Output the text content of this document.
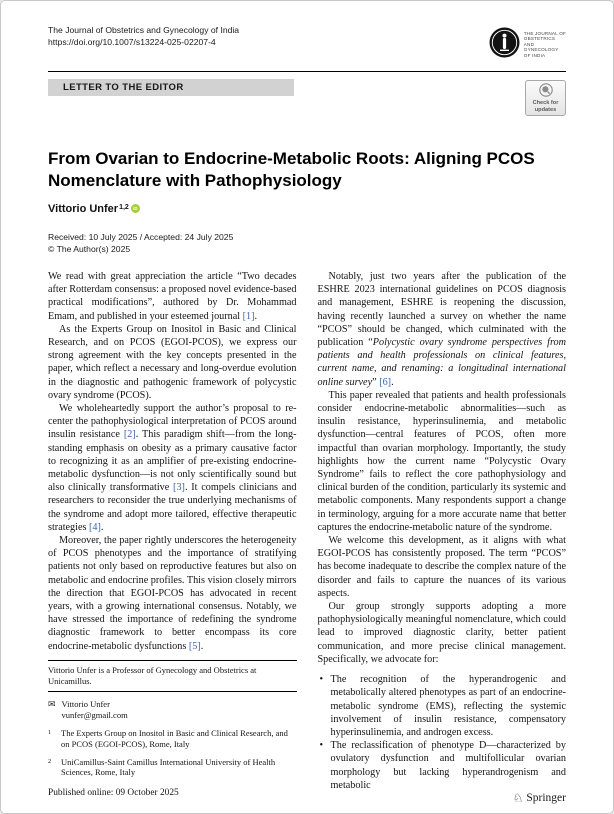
The Journal of Obstetrics and Gynecology of India
https://doi.org/10.1007/s13224-025-02207-4
THE JOURNAL OF
OBSTETRICS
AND
GYNECOLOGY
OF INDIA
LETTER TO THE EDITOR
Check for
updates
From Ovarian to Endocrine-Metabolic Roots: Aligning PCOS Nomenclature with Pathophysiology
Vittorio Unfer 1,2 iD
Received: 10 July 2025 / Accepted: 24 July 2025
© The Author(s) 2025

We read with great appreciation the article “Two decades after Rotterdam consensus: a proposed novel evidence-based practical modifications”, authored by Dr. Mohammad Emam, and published in your esteemed journal [1].

As the Experts Group on Inositol in Basic and Clinical Research, and on PCOS (EGOI-PCOS), we express our strong agreement with the key concepts presented in the paper, which reflect a necessary and long-overdue evolution in the diagnostic and pathogenic framework of polycystic ovary syndrome (PCOS).

We wholeheartedly support the author’s proposal to re-center the pathophysiological interpretation of PCOS around insulin resistance [2]. This paradigm shift—from the long-standing emphasis on obesity as a primary causative factor to recognizing it as an amplifier of pre-existing endocrine-metabolic dysfunction—is not only scientifically sound but also clinically transformative [3]. It compels clinicians and researchers to reconsider the true underlying mechanisms of the syndrome and adopt more tailored, effective therapeutic strategies [4].

Moreover, the paper rightly underscores the heterogeneity of PCOS phenotypes and the importance of stratifying patients not only based on reproductive features but also on metabolic and endocrine profiles. This vision closely mirrors the direction that EGOI-PCOS has advocated in recent years, with a growing international consensus. Notably, we have stressed the importance of redefining the syndrome diagnostic framework to better encompass its core endocrine-metabolic dysfunctions [5].

Vittorio Unfer is a Professor of Gynecology and Obstetrics at Unicamillus.
✉ Vittorio Unfer
vunfer@gmail.com
1	The Experts Group on Inositol in Basic and Clinical Research, and on PCOS (EGOI-PCOS), Rome, Italy
2	UniCamillus-Saint Camillus International University of Health Sciences, Rome, Italy
Published online: 09 October 2025

Notably, just two years after the publication of the ESHRE 2023 international guidelines on PCOS diagnosis and management, ESHRE is reopening the discussion, having recently launched a survey on whether the name “PCOS” should be changed, which culminated with the publication “Polycystic ovary syndrome perspectives from patients and health professionals on clinical features, current name, and renaming: a longitudinal international online survey” [6].

This paper revealed that patients and health professionals consider endocrine-metabolic abnormalities—such as insulin resistance, hyperinsulinemia, and metabolic dysfunction—central features of PCOS, often more impactful than ovarian morphology. Importantly, the study highlights how the current name “Polycystic Ovary Syndrome” fails to reflect the core pathophysiology and clinical burden of the condition, particularly its systemic and metabolic components. Many respondents support a change in terminology, arguing for a more accurate name that better captures the endocrine-metabolic nature of the syndrome.

We welcome this development, as it aligns with what EGOI-PCOS has consistently proposed. The term “PCOS” has become inadequate to describe the complex nature of the disorder and fails to capture the nuances of its various aspects.

Our group strongly supports adopting a more pathophysiologically meaningful nomenclature, which could lead to improved diagnostic clarity, better patient communication, and more precise clinical management. Specifically, we advocate for:

• The recognition of the hyperandrogenic and metabolically altered phenotypes as part of an endocrine-metabolic syndrome (EMS), reflecting the systemic involvement of insulin resistance, compensatory hyperinsulinemia, and androgen excess.
• The reclassification of phenotype D—characterized by ovulatory dysfunction and multifollicular ovarian morphology but lacking hyperandrogenism and metabolic
♘ Springer
